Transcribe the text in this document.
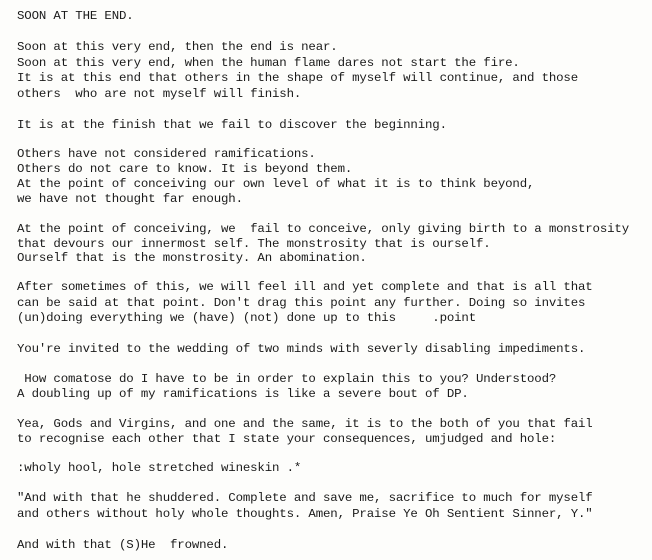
SOON AT THE END.
Soon at this very end, then the end is near.
Soon at this very end, when the human flame dares not start the fire.
It is at this end that others in the shape of myself will continue, and those
others  who are not myself will finish.
It is at the finish that we fail to discover the beginning.
Others have not considered ramifications.
Others do not care to know. It is beyond them.
At the point of conceiving our own level of what it is to think beyond,
we have not thought far enough.
At the point of conceiving, we  fail to conceive, only giving birth to a monstrosity
that devours our innermost self. The monstrosity that is ourself.
Ourself that is the monstrosity. An abomination.
After sometimes of this, we will feel ill and yet complete and that is all that
can be said at that point. Don't drag this point any further. Doing so invites
(un)doing everything we (have) (not) done up to this     .point
You're invited to the wedding of two minds with severly disabling impediments.
How comatose do I have to be in order to explain this to you? Understood?
A doubling up of my ramifications is like a severe bout of DP.
Yea, Gods and Virgins, and one and the same, it is to the both of you that fail
to recognise each other that I state your consequences, umjudged and hole:
:wholy hool, hole stretched wineskin .*
"And with that he shuddered. Complete and save me, sacrifice to much for myself
and others without holy whole thoughts. Amen, Praise Ye Oh Sentient Sinner, Y."
And with that (S)He  frowned.
